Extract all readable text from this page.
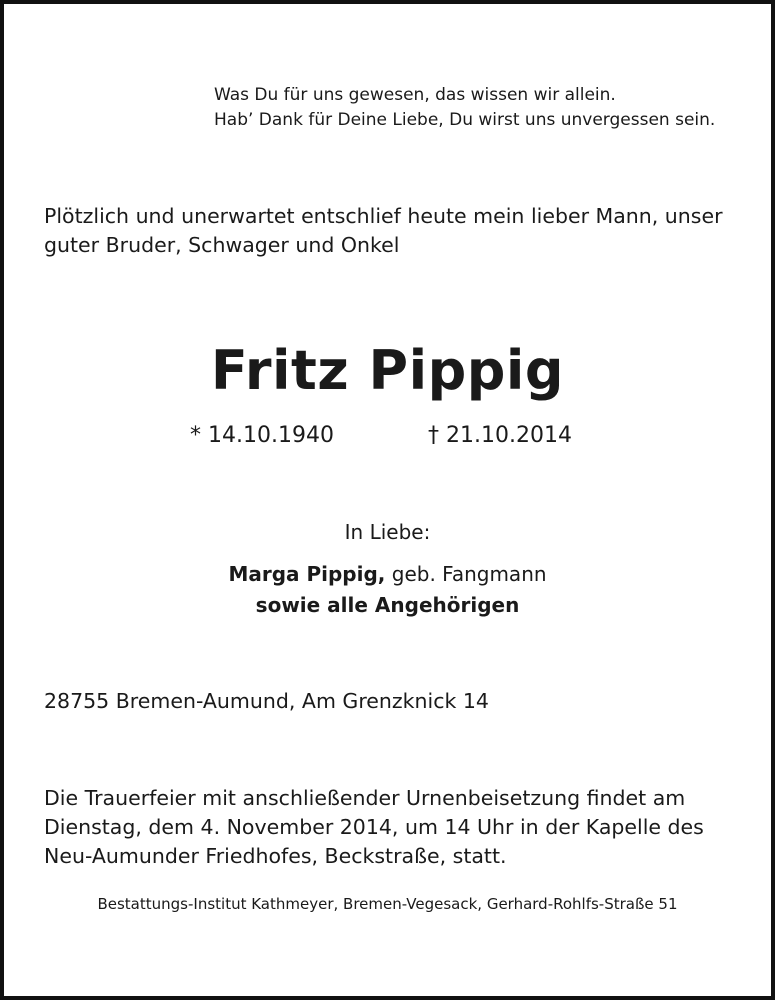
Was Du für uns gewesen, das wissen wir allein.
Hab’ Dank für Deine Liebe, Du wirst uns unvergessen sein.
Plötzlich und unerwartet entschlief heute mein lieber Mann, unser
guter Bruder, Schwager und Onkel
Fritz Pippig
* 14.10.1940	† 21.10.2014
In Liebe:
Marga Pippig, geb. Fangmann
sowie alle Angehörigen
28755 Bremen-Aumund, Am Grenzknick 14
Die Trauerfeier mit anschließender Urnenbeisetzung findet am
Dienstag, dem 4. November 2014, um 14 Uhr in der Kapelle des
Neu-Aumunder Friedhofes, Beckstraße, statt.
Bestattungs-Institut Kathmeyer, Bremen-Vegesack, Gerhard-Rohlfs-Straße 51
